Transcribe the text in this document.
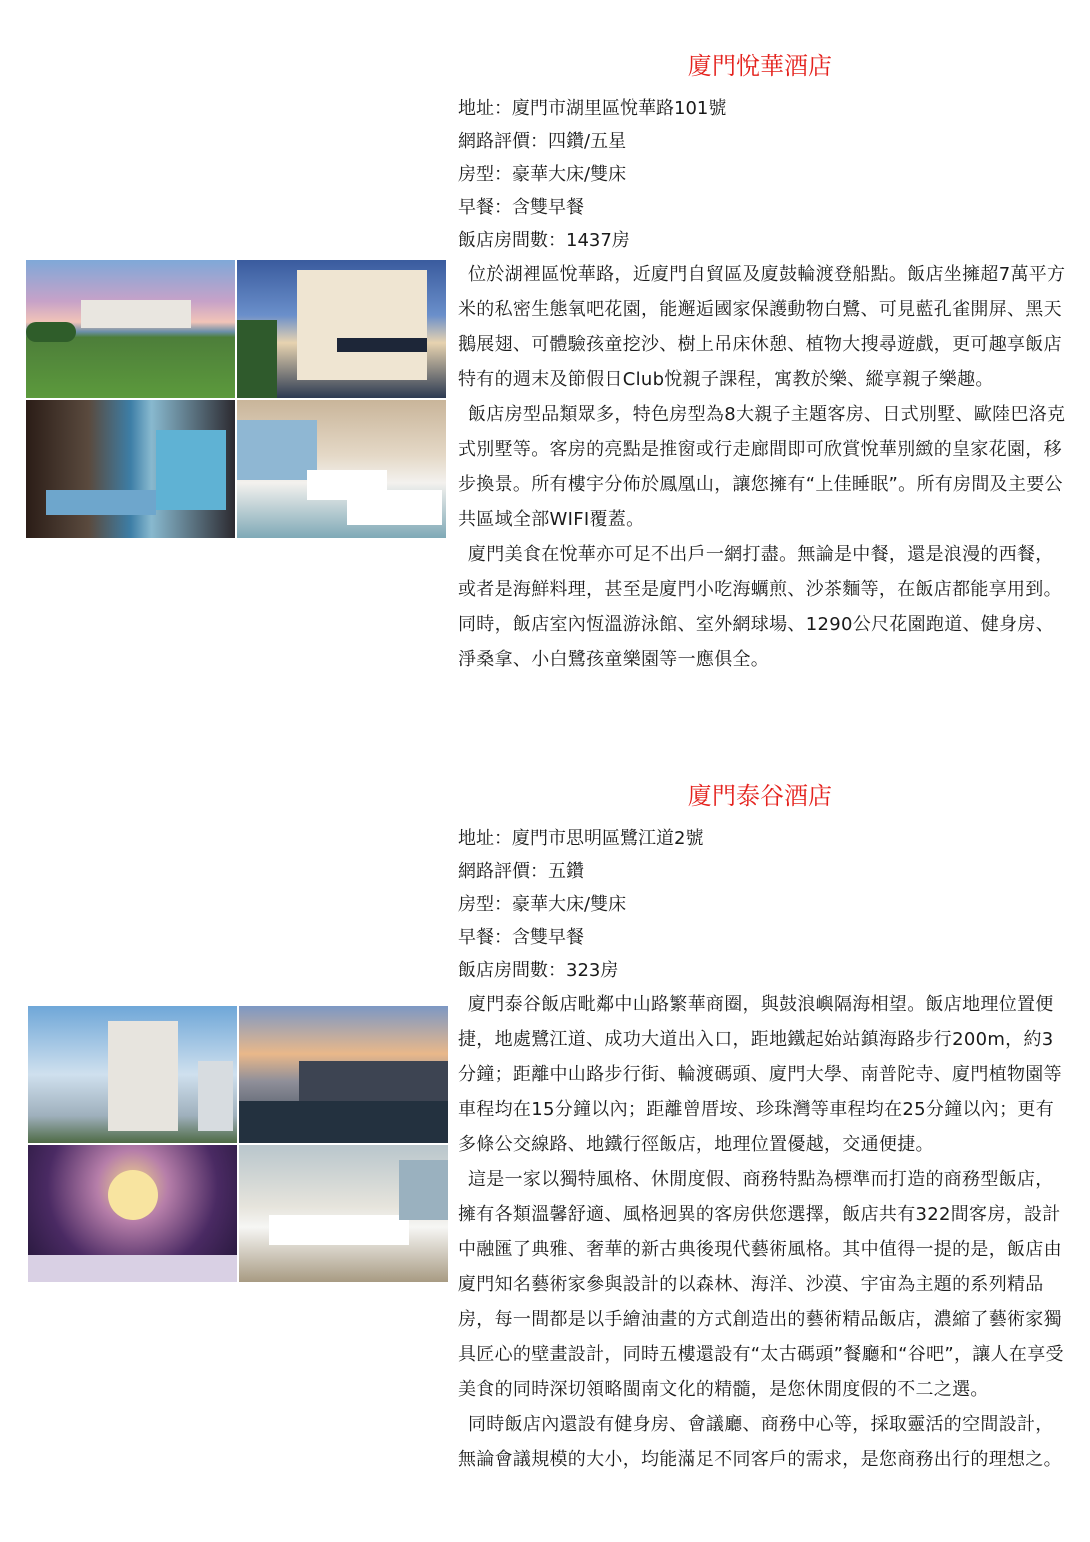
廈門悅華酒店
地址：廈門市湖里區悅華路101號
網路評價：四鑽/五星
房型：豪華大床/雙床
早餐：含雙早餐
飯店房間數：1437房

位於湖裡區悅華路，近廈門自貿區及廈鼓輪渡登船點。飯店坐擁超7萬平方米的私密生態氧吧花園，能邂逅國家保護動物白鷺、可見藍孔雀開屏、黑天鵝展翅、可體驗孩童挖沙、樹上吊床休憩、植物大搜尋遊戲，更可趣享飯店特有的週末及節假日Club悅親子課程，寓教於樂、縱享親子樂趣。

飯店房型品類眾多，特色房型為8大親子主題客房、日式別墅、歐陸巴洛克式別墅等。客房的亮點是推窗或行走廊間即可欣賞悅華別緻的皇家花園，移步換景。所有樓宇分佈於鳳凰山，讓您擁有“上佳睡眠”。所有房間及主要公共區域全部WIFI覆蓋。

廈門美食在悅華亦可足不出戶一網打盡。無論是中餐，還是浪漫的西餐，或者是海鮮料理，甚至是廈門小吃海蠣煎、沙茶麵等，在飯店都能享用到。同時，飯店室內恆溫游泳館、室外網球場、1290公尺花園跑道、健身房、淨桑拿、小白鷺孩童樂園等一應俱全。

廈門泰谷酒店
地址：廈門市思明區鷺江道2號
網路評價：五鑽
房型：豪華大床/雙床
早餐：含雙早餐
飯店房間數：323房

廈門泰谷飯店毗鄰中山路繁華商圈，與鼓浪嶼隔海相望。飯店地理位置便捷，地處鷺江道、成功大道出入口，距地鐵起始站鎮海路步行200m，約3分鐘；距離中山路步行街、輪渡碼頭、廈門大學、南普陀寺、廈門植物園等車程均在15分鐘以內；距離曾厝垵、珍珠灣等車程均在25分鐘以內；更有多條公交線路、地鐵行徑飯店，地理位置優越，交通便捷。

這是一家以獨特風格、休閒度假、商務特點為標準而打造的商務型飯店，擁有各類溫馨舒適、風格迥異的客房供您選擇，飯店共有322間客房，設計中融匯了典雅、奢華的新古典後現代藝術風格。其中值得一提的是，飯店由廈門知名藝術家參與設計的以森林、海洋、沙漠、宇宙為主題的系列精品房，每一間都是以手繪油畫的方式創造出的藝術精品飯店，濃縮了藝術家獨具匠心的壁畫設計，同時五樓還設有“太古碼頭”餐廳和“谷吧”，讓人在享受美食的同時深切領略閩南文化的精髓，是您休閒度假的不二之選。

同時飯店內還設有健身房、會議廳、商務中心等，採取靈活的空間設計，無論會議規模的大小，均能滿足不同客戶的需求，是您商務出行的理想之。
